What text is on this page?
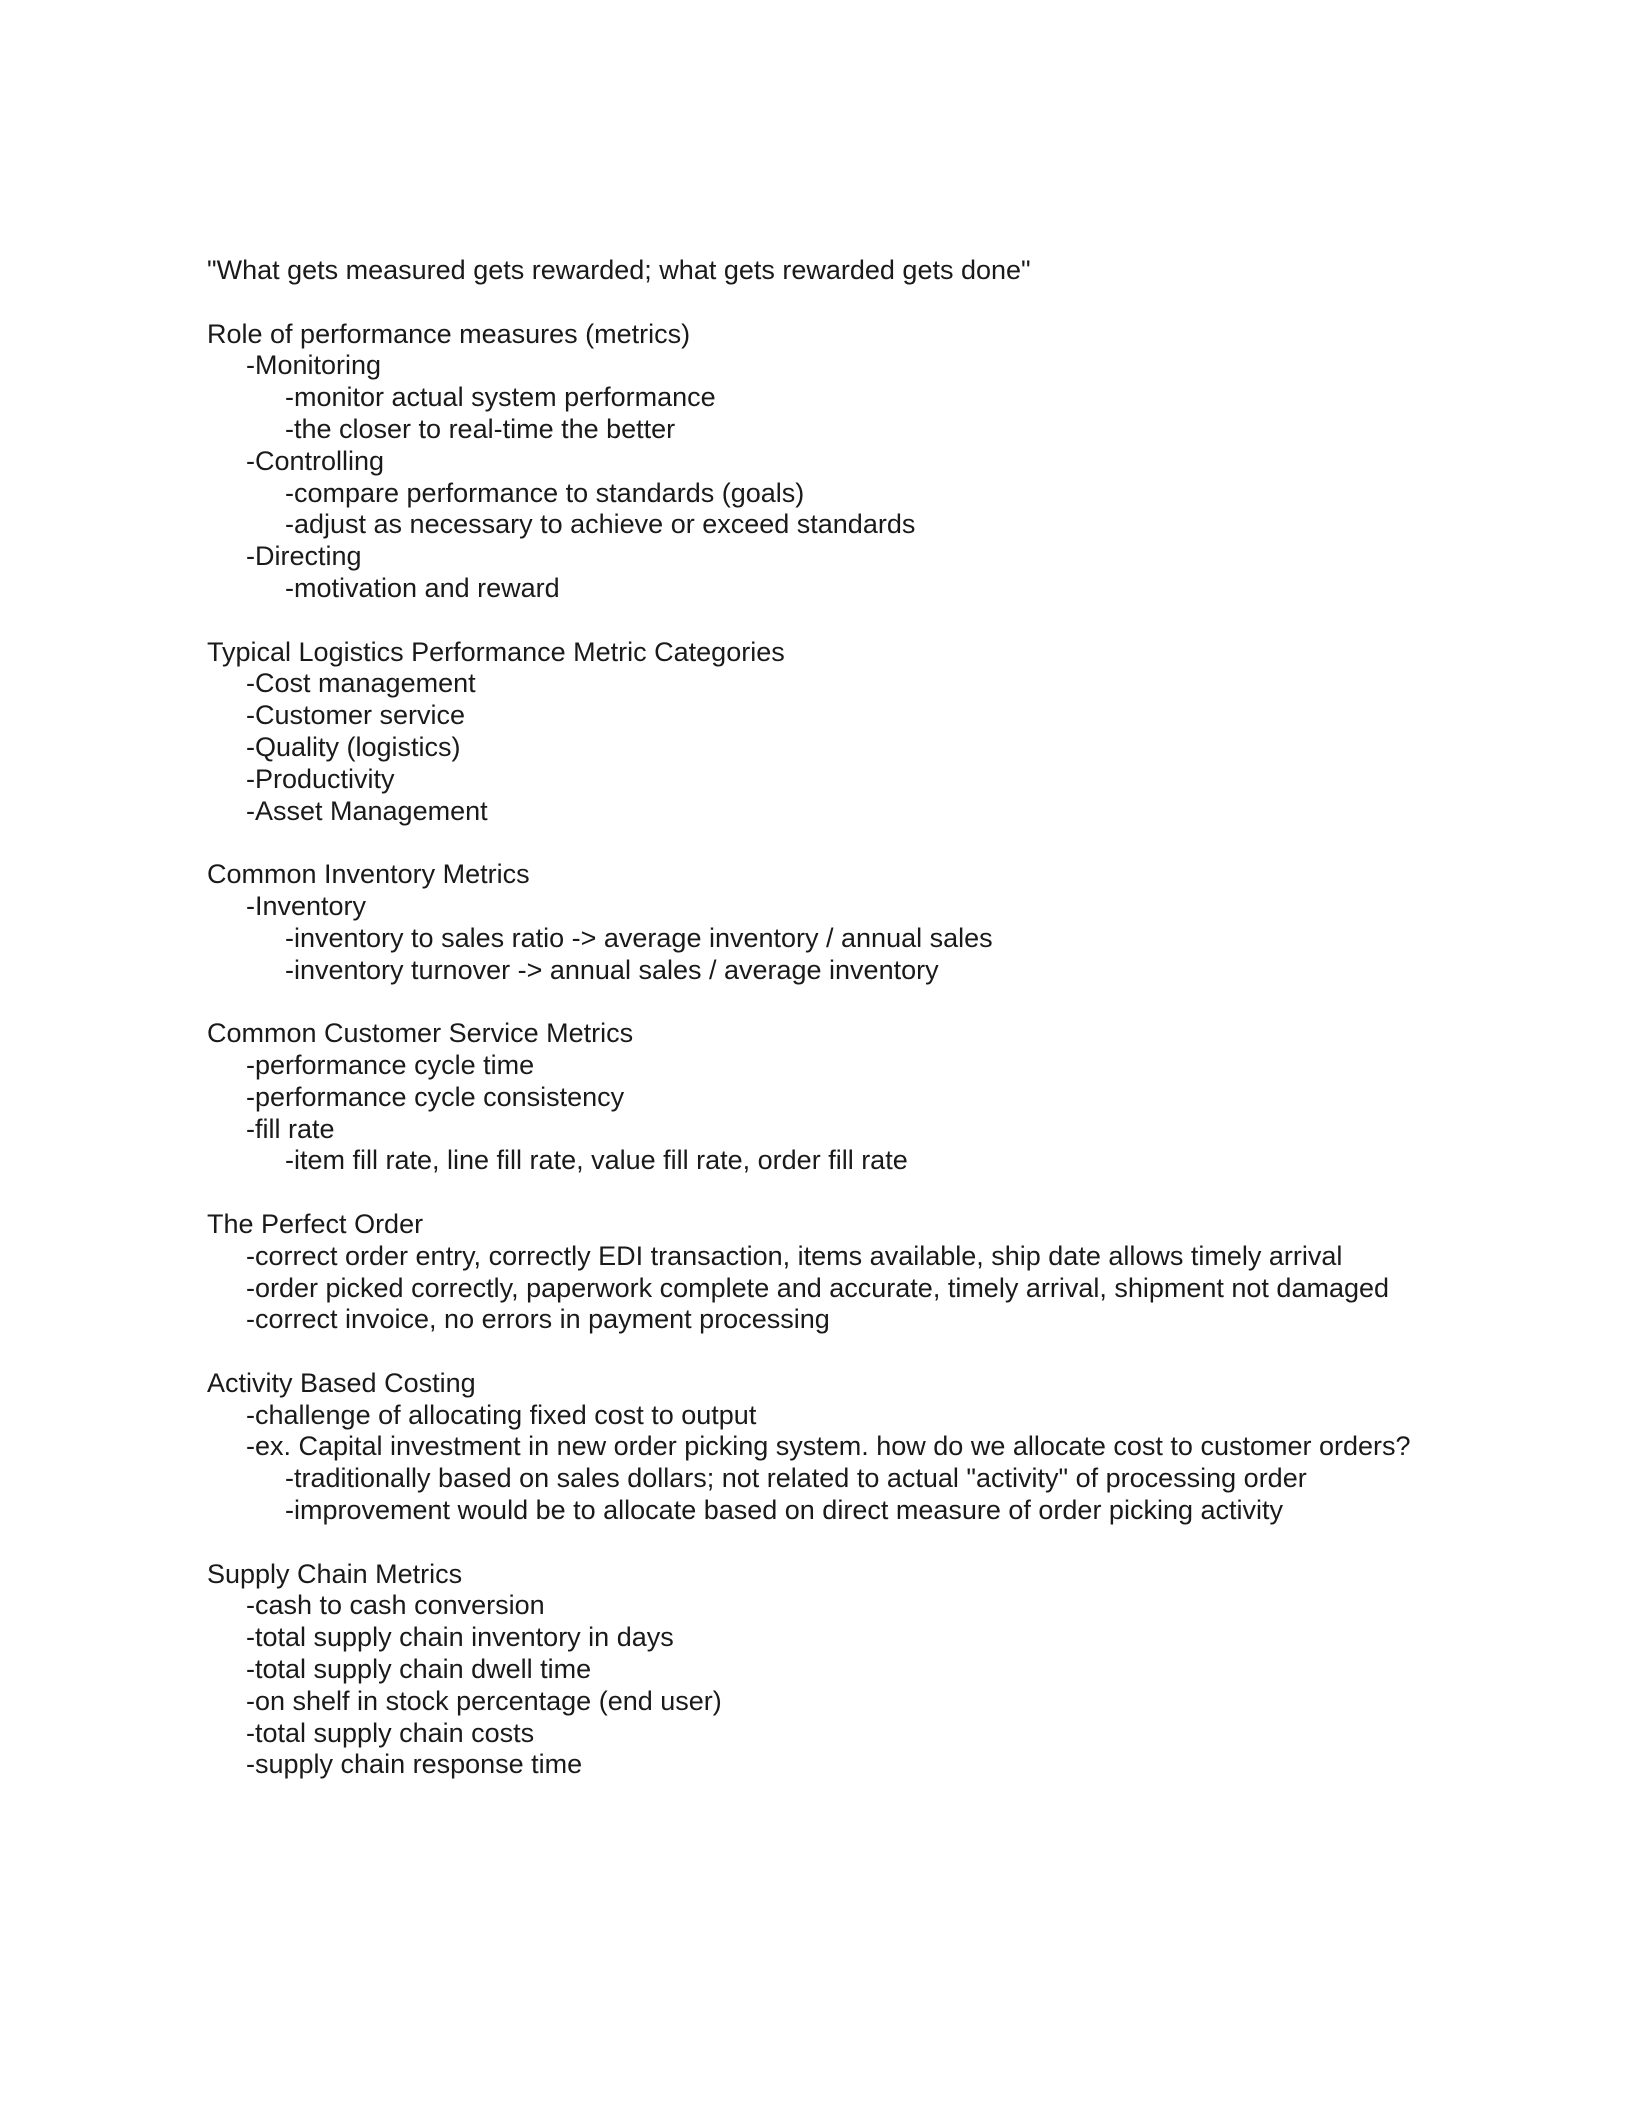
"What gets measured gets rewarded; what gets rewarded gets done"
Role of performance measures (metrics)
-Monitoring
-monitor actual system performance
-the closer to real-time the better
-Controlling
-compare performance to standards (goals)
-adjust as necessary to achieve or exceed standards
-Directing
-motivation and reward
Typical Logistics Performance Metric Categories
-Cost management
-Customer service
-Quality (logistics)
-Productivity
-Asset Management
Common Inventory Metrics
-Inventory
-inventory to sales ratio -> average inventory / annual sales
-inventory turnover -> annual sales / average inventory
Common Customer Service Metrics
-performance cycle time
-performance cycle consistency
-fill rate
-item fill rate, line fill rate, value fill rate, order fill rate
The Perfect Order
-correct order entry, correctly EDI transaction, items available, ship date allows timely arrival
-order picked correctly, paperwork complete and accurate, timely arrival, shipment not damaged
-correct invoice, no errors in payment processing
Activity Based Costing
-challenge of allocating fixed cost to output
-ex. Capital investment in new order picking system. how do we allocate cost to customer orders?
-traditionally based on sales dollars; not related to actual "activity" of processing order
-improvement would be to allocate based on direct measure of order picking activity
Supply Chain Metrics
-cash to cash conversion
-total supply chain inventory in days
-total supply chain dwell time
-on shelf in stock percentage (end user)
-total supply chain costs
-supply chain response time
